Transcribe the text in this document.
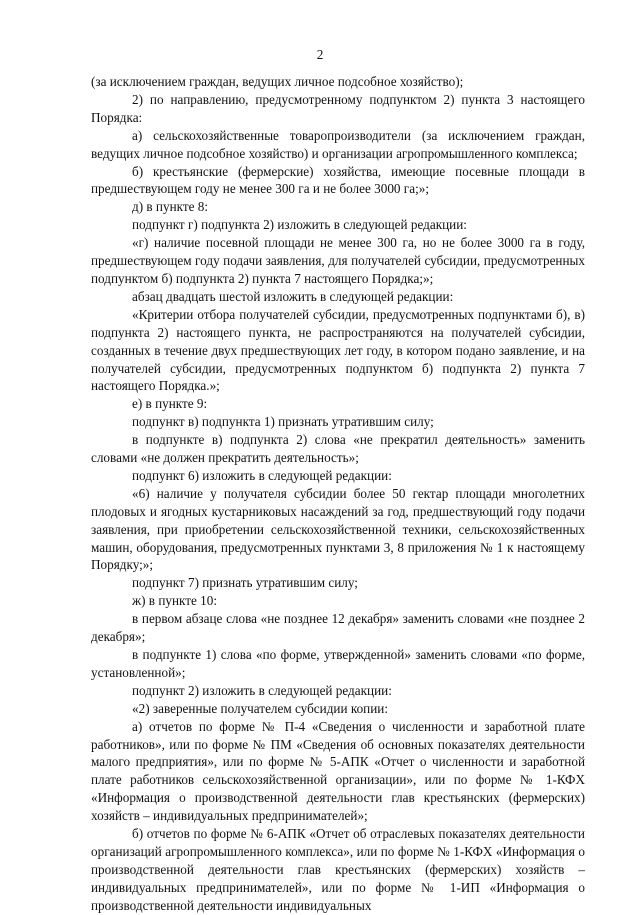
2

(за исключением граждан, ведущих личное подсобное хозяйство);

2) по направлению, предусмотренному подпунктом 2) пункта 3 настоящего Порядка:

а) сельскохозяйственные товаропроизводители (за исключением граждан, ведущих личное подсобное хозяйство) и организации агропромышленного комплекса;

б) крестьянские (фермерские) хозяйства, имеющие посевные площади в предшествующем году не менее 300 га и не более 3000 га;»;

д) в пункте 8:

подпункт г) подпункта 2) изложить в следующей редакции:

«г) наличие посевной площади не менее 300 га, но не более 3000 га в году, предшествующем году подачи заявления, для получателей субсидии, предусмотренных подпунктом б) подпункта 2) пункта 7 настоящего Порядка;»;

абзац двадцать шестой изложить в следующей редакции:

«Критерии отбора получателей субсидии, предусмотренных подпунктами б), в) подпункта 2) настоящего пункта, не распространяются на получателей субсидии, созданных в течение двух предшествующих лет году, в котором подано заявление, и на получателей субсидии, предусмотренных подпунктом б) подпункта 2) пункта 7 настоящего Порядка.»;

е) в пункте 9:

подпункт в) подпункта 1) признать утратившим силу;

в подпункте в) подпункта 2) слова «не прекратил деятельность» заменить словами «не должен прекратить деятельность»;

подпункт 6) изложить в следующей редакции:

«6) наличие у получателя субсидии более 50 гектар площади многолетних плодовых и ягодных кустарниковых насаждений за год, предшествующий году подачи заявления, при приобретении сельскохозяйственной техники, сельскохозяйственных машин, оборудования, предусмотренных пунктами 3, 8 приложения № 1 к настоящему Порядку;»;

подпункт 7) признать утратившим силу;

ж) в пункте 10:

в первом абзаце слова «не позднее 12 декабря» заменить словами «не позднее 2 декабря»;

в подпункте 1) слова «по форме, утвержденной» заменить словами «по форме, установленной»;

подпункт 2) изложить в следующей редакции:

«2) заверенные получателем субсидии копии:

а) отчетов по форме № П-4 «Сведения о численности и заработной плате работников», или по форме № ПМ «Сведения об основных показателях деятельности малого предприятия», или по форме № 5-АПК «Отчет о численности и заработной плате работников сельскохозяйственной организации», или по форме № 1-КФХ «Информация о производственной деятельности глав крестьянских (фермерских) хозяйств – индивидуальных предпринимателей»;

б) отчетов по форме № 6-АПК «Отчет об отраслевых показателях деятельности организаций агропромышленного комплекса», или по форме № 1-КФХ «Информация о производственной деятельности глав крестьянских (фермерских) хозяйств – индивидуальных предпринимателей», или по форме № 1-ИП «Информация о производственной деятельности индивидуальных
